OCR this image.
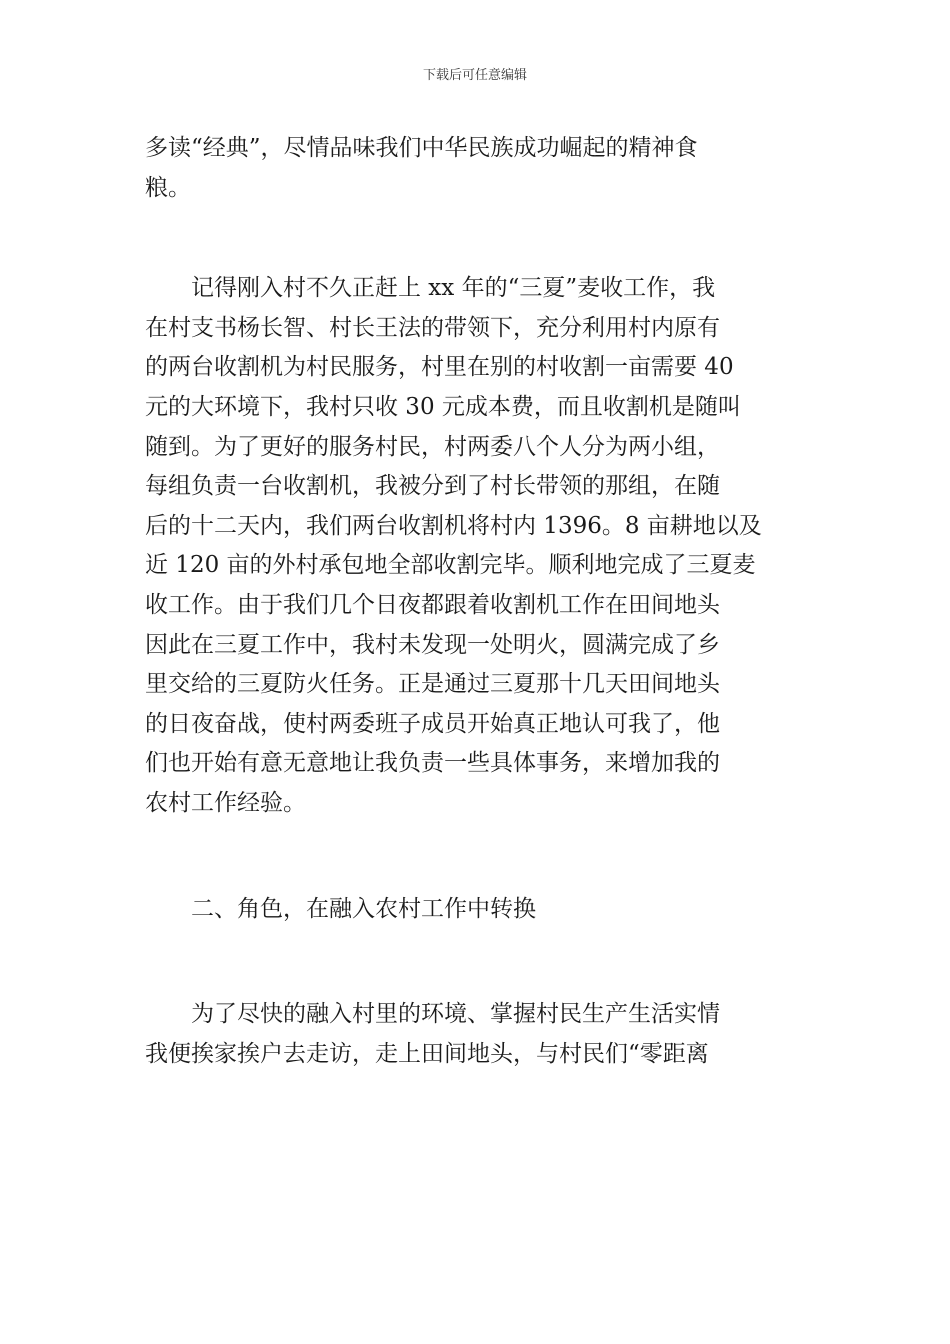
下载后可任意编辑

多读“经典”，尽情品味我们中华民族成功崛起的精神食
粮。

记得刚入村不久正赶上 xx 年的“三夏”麦收工作，我
在村支书杨长智、村长王法的带领下，充分利用村内原有
的两台收割机为村民服务，村里在别的村收割一亩需要 40
元的大环境下，我村只收 30 元成本费，而且收割机是随叫
随到。为了更好的服务村民，村两委八个人分为两小组，
每组负责一台收割机，我被分到了村长带领的那组，在随
后的十二天内，我们两台收割机将村内 1396。8 亩耕地以及
近 120 亩的外村承包地全部收割完毕。顺利地完成了三夏麦
收工作。由于我们几个日夜都跟着收割机工作在田间地头
因此在三夏工作中，我村未发现一处明火，圆满完成了乡
里交给的三夏防火任务。正是通过三夏那十几天田间地头
的日夜奋战，使村两委班子成员开始真正地认可我了，他
们也开始有意无意地让我负责一些具体事务，来增加我的
农村工作经验。

二、角色，在融入农村工作中转换

为了尽快的融入村里的环境、掌握村民生产生活实情
我便挨家挨户去走访，走上田间地头，与村民们“零距离
